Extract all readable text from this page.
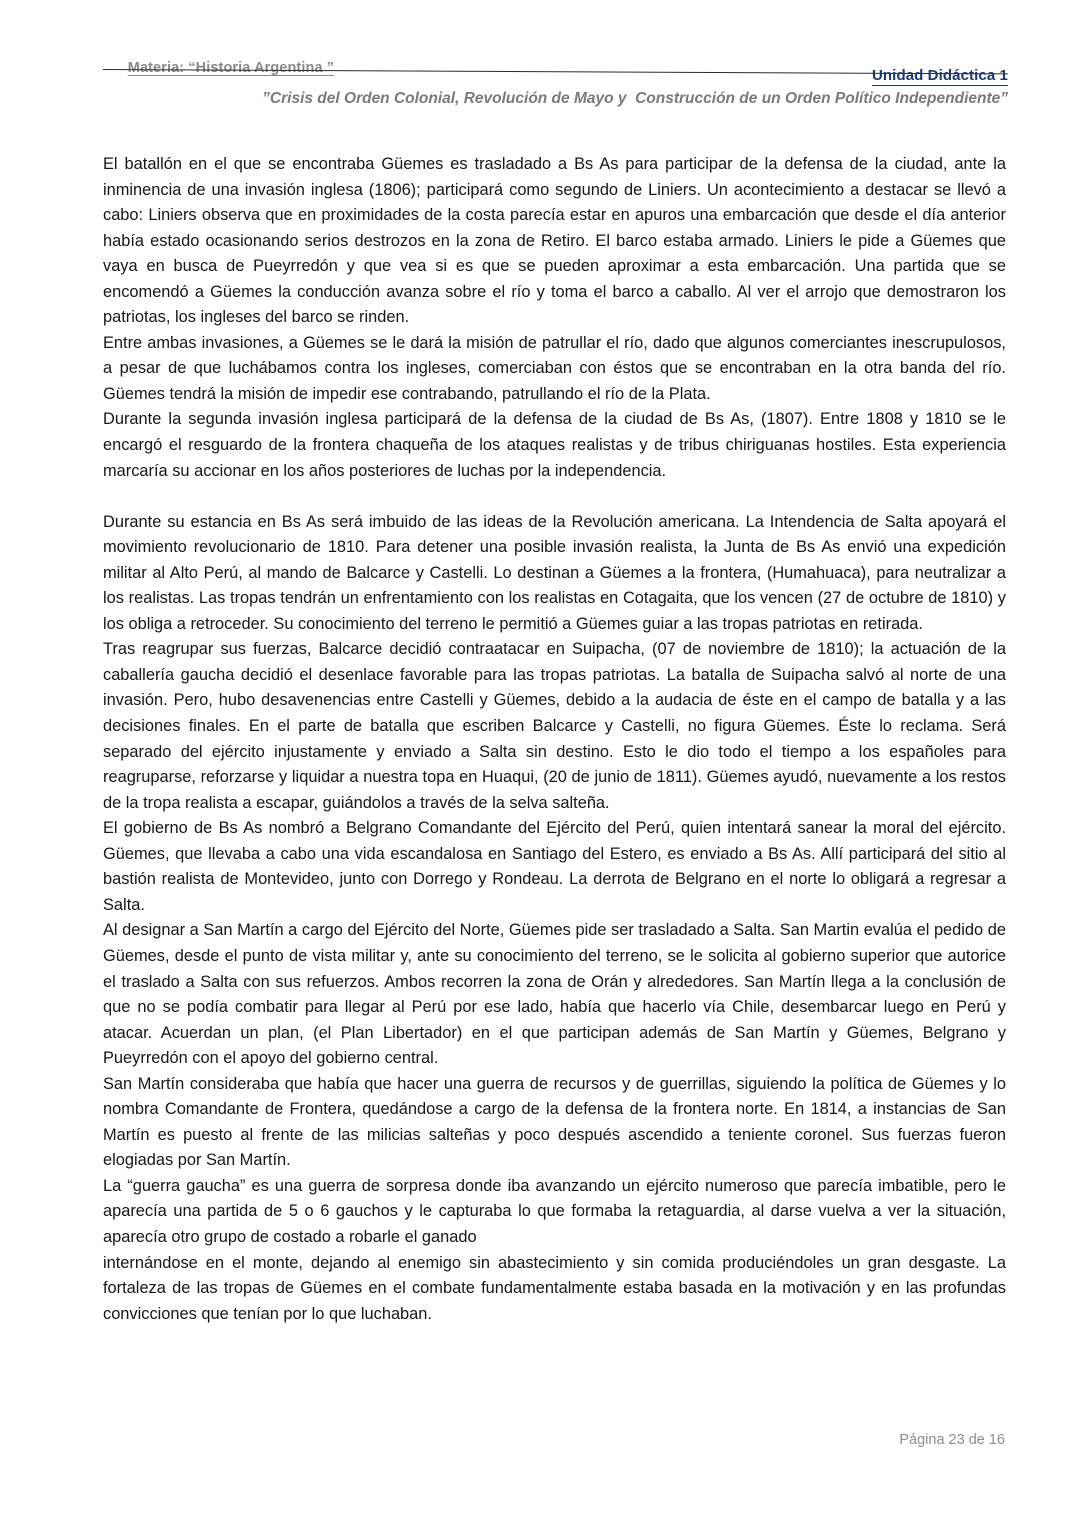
Materia: “Historia Argentina ”
	Unidad Didáctica 1
”Crisis del Orden Colonial, Revolución de Mayo y  Construcción de un Orden Político Independiente”

El batallón en el que se encontraba Güemes es trasladado a Bs As para participar de la defensa de la ciudad, ante la inminencia de una invasión inglesa (1806); participará como segundo de Liniers. Un acontecimiento a destacar se llevó a cabo: Liniers observa que en proximidades de la costa parecía estar en apuros una embarcación que desde el día anterior había estado ocasionando serios destrozos en la zona de Retiro. El barco estaba armado. Liniers le pide a Güemes que vaya en busca de Pueyrredón y que vea si es que se pueden aproximar a esta embarcación. Una partida que se encomendó a Güemes la conducción avanza sobre el río y toma el barco a caballo. Al ver el arrojo que demostraron los patriotas, los ingleses del barco se rinden.

Entre ambas invasiones, a Güemes se le dará la misión de patrullar el río, dado que algunos comerciantes inescrupulosos, a pesar de que luchábamos contra los ingleses, comerciaban con éstos que se encontraban en la otra banda del río. Güemes tendrá la misión de impedir ese contrabando, patrullando el río de la Plata.

Durante la segunda invasión inglesa participará de la defensa de la ciudad de Bs As, (1807). Entre 1808 y 1810 se le encargó el resguardo de la frontera chaqueña de los ataques realistas y de tribus chiriguanas hostiles. Esta experiencia marcaría su accionar en los años posteriores de luchas por la independencia.

Durante su estancia en Bs As será imbuido de las ideas de la Revolución americana. La Intendencia de Salta apoyará el movimiento revolucionario de 1810. Para detener una posible invasión realista, la Junta de Bs As envió una expedición militar al Alto Perú, al mando de Balcarce y Castelli. Lo destinan a Güemes a la frontera, (Humahuaca), para neutralizar a los realistas. Las tropas tendrán un enfrentamiento con los realistas en Cotagaita, que los vencen (27 de octubre de 1810) y los obliga a retroceder. Su conocimiento del terreno le permitió a Güemes guiar a las tropas patriotas en retirada.

Tras reagrupar sus fuerzas, Balcarce decidió contraatacar en Suipacha, (07 de noviembre de 1810); la actuación de la caballería gaucha decidió el desenlace favorable para las tropas patriotas. La batalla de Suipacha salvó al norte de una invasión. Pero, hubo desavenencias entre Castelli y Güemes, debido a la audacia de éste en el campo de batalla y a las decisiones finales. En el parte de batalla que escriben Balcarce y Castelli, no figura Güemes. Éste lo reclama. Será separado del ejército injustamente y enviado a Salta sin destino. Esto le dio todo el tiempo a los españoles para reagruparse, reforzarse y liquidar a nuestra topa en Huaqui, (20 de junio de 1811). Güemes ayudó, nuevamente a los restos de la tropa realista a escapar, guiándolos a través de la selva salteña.

El gobierno de Bs As nombró a Belgrano Comandante del Ejército del Perú, quien intentará sanear la moral del ejército. Güemes, que llevaba a cabo una vida escandalosa en Santiago del Estero, es enviado a Bs As. Allí participará del sitio al bastión realista de Montevideo, junto con Dorrego y Rondeau. La derrota de Belgrano en el norte lo obligará a regresar a Salta.

Al designar a San Martín a cargo del Ejército del Norte, Güemes pide ser trasladado a Salta. San Martin evalúa el pedido de Güemes, desde el punto de vista militar y, ante su conocimiento del terreno, se le solicita al gobierno superior que autorice el traslado a Salta con sus refuerzos. Ambos recorren la zona de Orán y alrededores. San Martín llega a la conclusión de que no se podía combatir para llegar al Perú por ese lado, había que hacerlo vía Chile, desembarcar luego en Perú y atacar. Acuerdan un plan, (el Plan Libertador) en el que participan además de San Martín y Güemes, Belgrano y Pueyrredón con el apoyo del gobierno central.

San Martín consideraba que había que hacer una guerra de recursos y de guerrillas, siguiendo la política de Güemes y lo nombra Comandante de Frontera, quedándose a cargo de la defensa de la frontera norte. En 1814, a instancias de San Martín es puesto al frente de las milicias salteñas y poco después ascendido a teniente coronel. Sus fuerzas fueron elogiadas por San Martín.

La “guerra gaucha” es una guerra de sorpresa donde iba avanzando un ejército numeroso que parecía imbatible, pero le aparecía una partida de 5 o 6 gauchos y le capturaba lo que formaba la retaguardia, al darse vuelva a ver la situación, aparecía otro grupo de costado a robarle el ganado

internándose en el monte, dejando al enemigo sin abastecimiento y sin comida produciéndoles un gran desgaste. La fortaleza de las tropas de Güemes en el combate fundamentalmente estaba basada en la motivación y en las profundas convicciones que tenían por lo que luchaban.

Página 23 de 16
